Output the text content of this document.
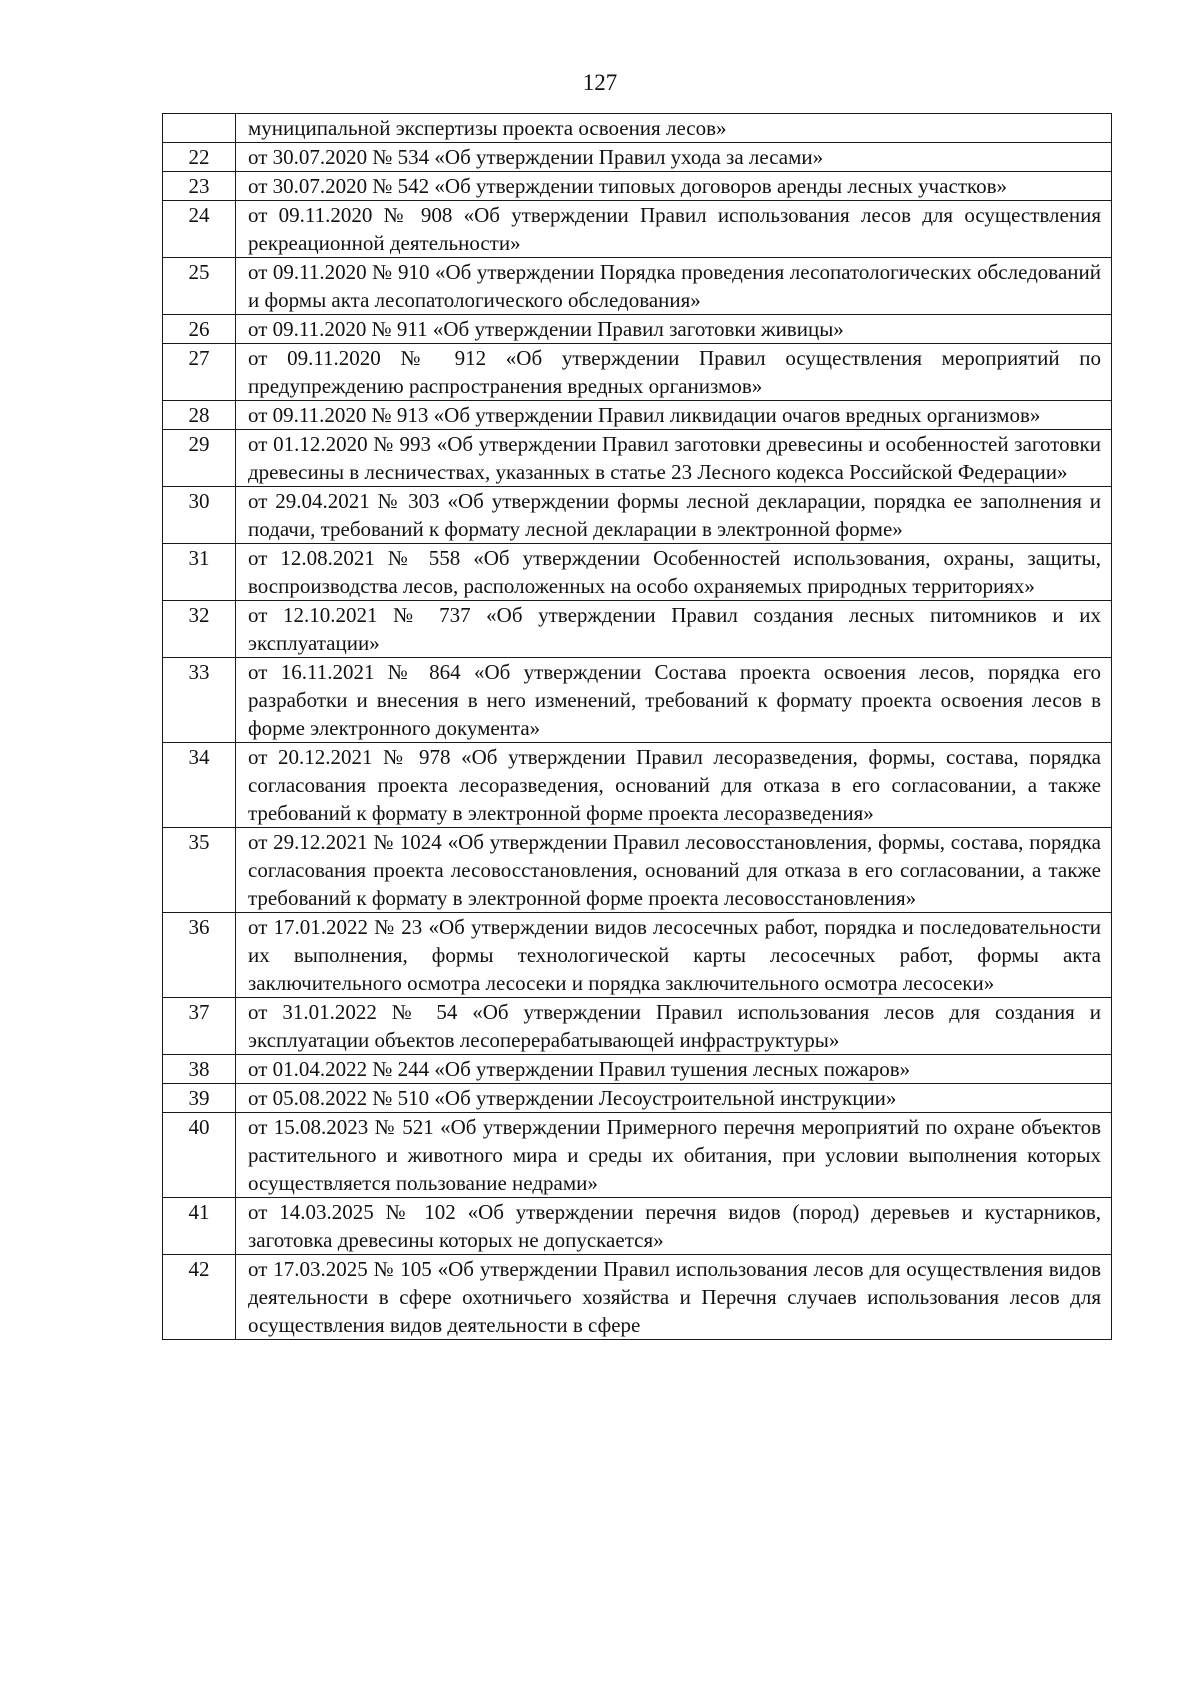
127
	муниципальной экспертизы проекта освоения лесов»
22	от 30.07.2020 № 534 «Об утверждении Правил ухода за лесами»
23	от 30.07.2020 № 542 «Об утверждении типовых договоров аренды лесных участков»
24	от 09.11.2020 № 908 «Об утверждении Правил использования лесов для осуществления рекреационной деятельности»
25	от 09.11.2020 № 910 «Об утверждении Порядка проведения лесопатологических обследований и формы акта лесопатологического обследования»
26	от 09.11.2020 № 911 «Об утверждении Правил заготовки живицы»
27	от 09.11.2020 № 912 «Об утверждении Правил осуществления мероприятий по предупреждению распространения вредных организмов»
28	от 09.11.2020 № 913 «Об утверждении Правил ликвидации очагов вредных организмов»
29	от 01.12.2020 № 993 «Об утверждении Правил заготовки древесины и особенностей заготовки древесины в лесничествах, указанных в статье 23 Лесного кодекса Российской Федерации»
30	от 29.04.2021 № 303 «Об утверждении формы лесной декларации, порядка ее заполнения и подачи, требований к формату лесной декларации в электронной форме»
31	от 12.08.2021 № 558 «Об утверждении Особенностей использования, охраны, защиты, воспроизводства лесов, расположенных на особо охраняемых природных территориях»
32	от 12.10.2021 № 737 «Об утверждении Правил создания лесных питомников и их эксплуатации»
33	от 16.11.2021 № 864 «Об утверждении Состава проекта освоения лесов, порядка его разработки и внесения в него изменений, требований к формату проекта освоения лесов в форме электронного документа»
34	от 20.12.2021 № 978 «Об утверждении Правил лесоразведения, формы, состава, порядка согласования проекта лесоразведения, оснований для отказа в его согласовании, а также требований к формату в электронной форме проекта лесоразведения»
35	от 29.12.2021 № 1024 «Об утверждении Правил лесовосстановления, формы, состава, порядка согласования проекта лесовосстановления, оснований для отказа в его согласовании, а также требований к формату в электронной форме проекта лесовосстановления»
36	от 17.01.2022 № 23 «Об утверждении видов лесосечных работ, порядка и последовательности их выполнения, формы технологической карты лесосечных работ, формы акта заключительного осмотра лесосеки и порядка заключительного осмотра лесосеки»
37	от 31.01.2022 № 54 «Об утверждении Правил использования лесов для создания и эксплуатации объектов лесоперерабатывающей инфраструктуры»
38	от 01.04.2022 № 244 «Об утверждении Правил тушения лесных пожаров»
39	от 05.08.2022 № 510 «Об утверждении Лесоустроительной инструкции»
40	от 15.08.2023 № 521 «Об утверждении Примерного перечня мероприятий по охране объектов растительного и животного мира и среды их обитания, при условии выполнения которых осуществляется пользование недрами»
41	от 14.03.2025 № 102 «Об утверждении перечня видов (пород) деревьев и кустарников, заготовка древесины которых не допускается»
42	от 17.03.2025 № 105 «Об утверждении Правил использования лесов для осуществления видов деятельности в сфере охотничьего хозяйства и Перечня случаев использования лесов для осуществления видов деятельности в сфере
